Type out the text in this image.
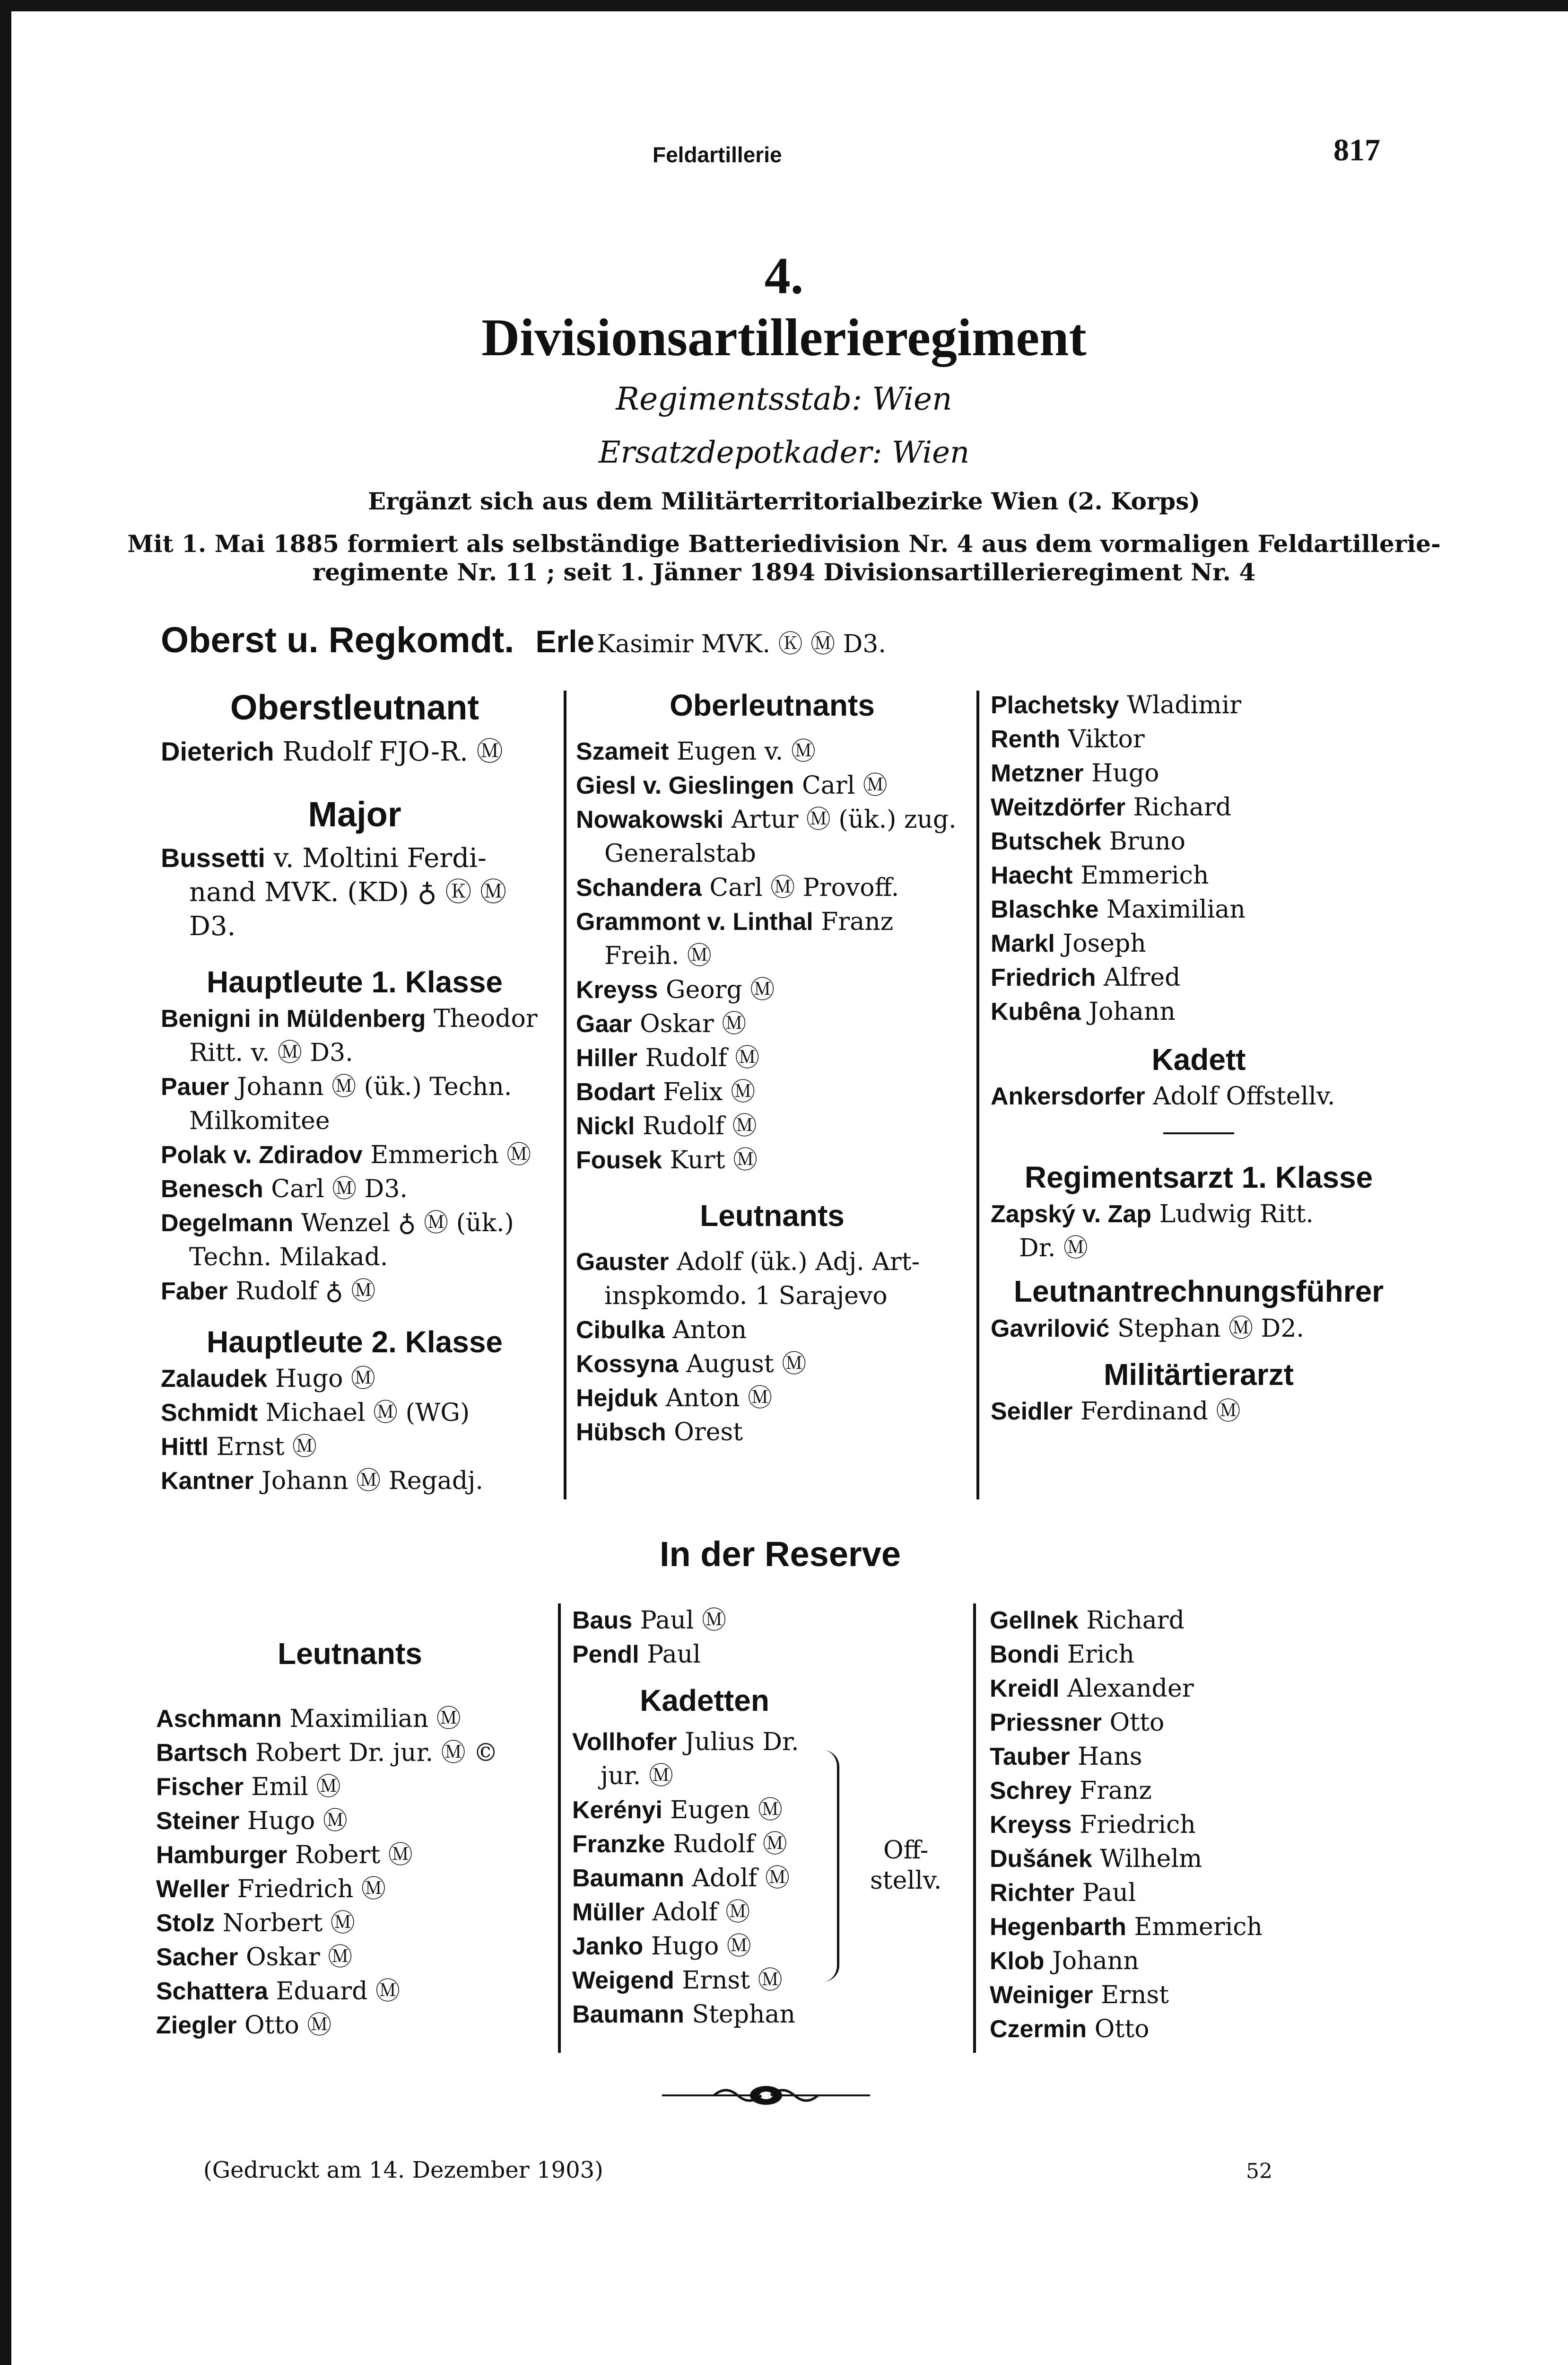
Feldartillerie	817
4.
Divisionsartillerieregiment
Regimentsstab: Wien
Ersatzdepotkader: Wien
Ergänzt sich aus dem Militärterritorialbezirke Wien (2. Korps)
Mit 1. Mai 1885 formiert als selbständige Batteriedivision Nr. 4 aus dem vormaligen Feldartillerie-
regimente Nr. 11 ; seit 1. Jänner 1894 Divisionsartillerieregiment Nr. 4
Oberst u. Regkomdt. Erle Kasimir MVK. Ⓚ Ⓜ D3.
Oberstleutnant
Dieterich Rudolf FJO-R. Ⓜ
Major
Bussetti v. Moltini Ferdi-
nand MVK. (KD) ♁ Ⓚ Ⓜ D3.
Hauptleute 1. Klasse
Benigni in Müldenberg Theodor
Ritt. v. Ⓜ D3.
Pauer Johann Ⓜ (ük.) Techn.
Milkomitee
Polak v. Zdiradov Emmerich Ⓜ
Benesch Carl Ⓜ D3.
Degelmann Wenzel ♁ Ⓜ (ük.)
Techn. Milakad.
Faber Rudolf ♁ Ⓜ
Hauptleute 2. Klasse
Zalaudek Hugo Ⓜ
Schmidt Michael Ⓜ (WG)
Hittl Ernst Ⓜ
Kantner Johann Ⓜ Regadj.
Oberleutnants
Szameit Eugen v. Ⓜ
Giesl v. Gieslingen Carl Ⓜ
Nowakowski Artur Ⓜ (ük.) zug.
Generalstab
Schandera Carl Ⓜ Provoff.
Grammont v. Linthal Franz
Freih. Ⓜ
Kreyss Georg Ⓜ
Gaar Oskar Ⓜ
Hiller Rudolf Ⓜ
Bodart Felix Ⓜ
Nickl Rudolf Ⓜ
Fousek Kurt Ⓜ
Leutnants
Gauster Adolf (ük.) Adj. Art-
inspkomdo. 1 Sarajevo
Cibulka Anton
Kossyna August Ⓜ
Hejduk Anton Ⓜ
Hübsch Orest
Plachetsky Wladimir
Renth Viktor
Metzner Hugo
Weitzdörfer Richard
Butschek Bruno
Haecht Emmerich
Blaschke Maximilian
Markl Joseph
Friedrich Alfred
Kubêna Johann
Kadett
Ankersdorfer Adolf Offstellv.
Regimentsarzt 1. Klasse
Zapský v. Zap Ludwig Ritt.
Dr. Ⓜ
Leutnantrechnungsführer
Gavrilović Stephan Ⓜ D2.
Militärtierarzt
Seidler Ferdinand Ⓜ
In der Reserve
Leutnants
Aschmann Maximilian Ⓜ
Bartsch Robert Dr. jur. Ⓜ ©
Fischer Emil Ⓜ
Steiner Hugo Ⓜ
Hamburger Robert Ⓜ
Weller Friedrich Ⓜ
Stolz Norbert Ⓜ
Sacher Oskar Ⓜ
Schattera Eduard Ⓜ
Ziegler Otto Ⓜ
Baus Paul Ⓜ
Pendl Paul
Kadetten
Vollhofer Julius Dr.
jur. Ⓜ
Kerényi Eugen Ⓜ
Franzke Rudolf Ⓜ
Baumann Adolf Ⓜ
Müller Adolf Ⓜ
Janko Hugo Ⓜ
Weigend Ernst Ⓜ
Baumann Stephan
Off-
stellv.
Gellnek Richard
Bondi Erich
Kreidl Alexander
Priessner Otto
Tauber Hans
Schrey Franz
Kreyss Friedrich
Dušánek Wilhelm
Richter Paul
Hegenbarth Emmerich
Klob Johann
Weiniger Ernst
Czermin Otto
(Gedruckt am 14. Dezember 1903)	52
